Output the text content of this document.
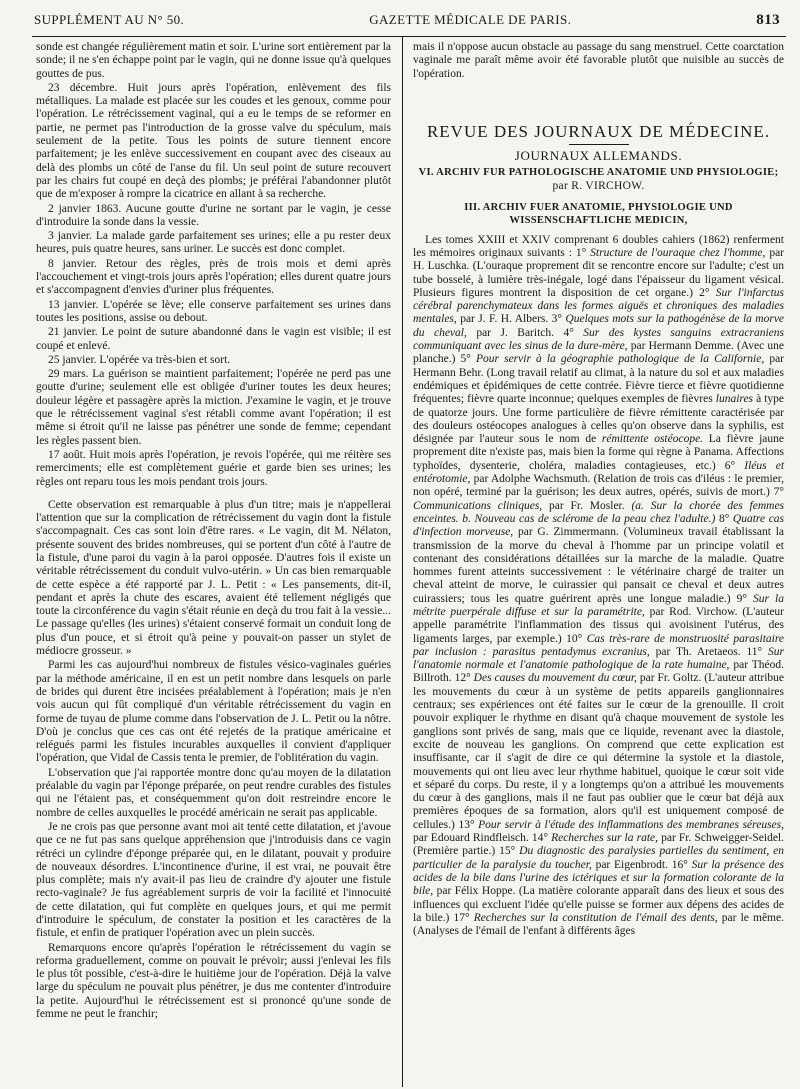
SUPPLÉMENT AU N° 50.	GAZETTE MÉDICALE DE PARIS.	813

sonde est changée régulièrement matin et soir. L'urine sort entièrement par la sonde; il ne s'en échappe point par le vagin, qui ne donne issue qu'à quelques gouttes de pus.

23 décembre. Huit jours après l'opération, enlèvement des fils métalliques. La malade est placée sur les coudes et les genoux, comme pour l'opération. Le rétrécissement vaginal, qui a eu le temps de se reformer en partie, ne permet pas l'introduction de la grosse valve du spéculum, mais seulement de la petite. Tous les points de suture tiennent encore parfaitement; je les enlève successivement en coupant avec des ciseaux au delà des plombs un côté de l'anse du fil. Un seul point de suture recouvert par les chairs fut coupé en deçà des plombs; je préférai l'abandonner plutôt que de m'exposer à rompre la cicatrice en allant à sa recherche.

2 janvier 1863. Aucune goutte d'urine ne sortant par le vagin, je cesse d'introduire la sonde dans la vessie.

3 janvier. La malade garde parfaitement ses urines; elle a pu rester deux heures, puis quatre heures, sans uriner. Le succès est donc complet.

8 janvier. Retour des règles, près de trois mois et demi après l'accouchement et vingt-trois jours après l'opération; elles durent quatre jours et s'accompagnent d'envies d'uriner plus fréquentes.

13 janvier. L'opérée se lève; elle conserve parfaitement ses urines dans toutes les positions, assise ou debout.

21 janvier. Le point de suture abandonné dans le vagin est visible; il est coupé et enlevé.

25 janvier. L'opérée va très-bien et sort.

29 mars. La guérison se maintient parfaitement; l'opérée ne perd pas une goutte d'urine; seulement elle est obligée d'uriner toutes les deux heures; douleur légère et passagère après la miction. J'examine le vagin, et je trouve que le rétrécissement vaginal s'est rétabli comme avant l'opération; il est même si étroit qu'il ne laisse pas pénétrer une sonde de femme; cependant les règles passent bien.

17 août. Huit mois après l'opération, je revois l'opérée, qui me réitère ses remerciments; elle est complètement guérie et garde bien ses urines; les règles ont reparu tous les mois pendant trois jours.

Cette observation est remarquable à plus d'un titre; mais je n'appellerai l'attention que sur la complication de rétrécissement du vagin dont la fistule s'accompagnait. Ces cas sont loin d'être rares. « Le vagin, dit M. Nélaton, présente souvent des brides nombreuses, qui se portent d'un côté à l'autre de la fistule, d'une paroi du vagin à la paroi opposée. D'autres fois il existe un véritable rétrécissement du conduit vulvo-utérin. » Un cas bien remarquable de cette espèce a été rapporté par J. L. Petit : « Les pansements, dit-il, pendant et après la chute des escares, avaient été tellement négligés que toute la circonférence du vagin s'était réunie en deçà du trou fait à la vessie... Le passage qu'elles (les urines) s'étaient conservé formait un conduit long de plus d'un pouce, et si étroit qu'à peine y pouvait-on passer un stylet de médiocre grosseur. »

Parmi les cas aujourd'hui nombreux de fistules vésico-vaginales guéries par la méthode américaine, il en est un petit nombre dans lesquels on parle de brides qui durent être incisées préalablement à l'opération; mais je n'en vois aucun qui fût compliqué d'un véritable rétrécissement du vagin en forme de tuyau de plume comme dans l'observation de J. L. Petit ou la nôtre. D'où je conclus que ces cas ont été rejetés de la pratique américaine et relégués parmi les fistules incurables auxquelles il convient d'appliquer l'opération, que Vidal de Cassis tenta le premier, de l'oblitération du vagin.

L'observation que j'ai rapportée montre donc qu'au moyen de la dilatation préalable du vagin par l'éponge préparée, on peut rendre curables des fistules qui ne l'étaient pas, et conséquemment qu'on doit restreindre encore le nombre de celles auxquelles le procédé américain ne serait pas applicable.

Je ne crois pas que personne avant moi ait tenté cette dilatation, et j'avoue que ce ne fut pas sans quelque appréhension que j'introduisis dans ce vagin rétréci un cylindre d'éponge préparée qui, en le dilatant, pouvait y produire de nouveaux désordres. L'incontinence d'urine, il est vrai, ne pouvait être plus complète; mais n'y avait-il pas lieu de craindre d'y ajouter une fistule recto-vaginale? Je fus agréablement surpris de voir la facilité et l'innocuité de cette dilatation, qui fut complète en quelques jours, et qui me permit d'introduire le spéculum, de constater la position et les caractères de la fistule, et enfin de pratiquer l'opération avec un plein succès.

Remarquons encore qu'après l'opération le rétrécissement du vagin se reforma graduellement, comme on pouvait le prévoir; aussi j'enlevai les fils le plus tôt possible, c'est-à-dire le huitième jour de l'opération. Déjà la valve large du spéculum ne pouvait plus pénétrer, je dus me contenter d'introduire la petite. Aujourd'hui le rétrécissement est si prononcé qu'une sonde de femme ne peut le franchir;

mais il n'oppose aucun obstacle au passage du sang menstruel. Cette coarctation vaginale me paraît même avoir été favorable plutôt que nuisible au succès de l'opération.

REVUE DES JOURNAUX DE MÉDECINE.
JOURNAUX ALLEMANDS.
VI. ARCHIV FUR PATHOLOGISCHE ANATOMIE UND PHYSIOLOGIE;
par R. VIRCHOW.
III. ARCHIV FUER ANATOMIE, PHYSIOLOGIE UND
WISSENSCHAFTLICHE MEDICIN,

Les tomes XXIII et XXIV comprenant 6 doubles cahiers (1862) renferment les mémoires originaux suivants : 1° Structure de l'ouraque chez l'homme, par H. Luschka. (L'ouraque proprement dit se rencontre encore sur l'adulte; c'est un tube bosselé, à lumière très-inégale, logé dans l'épaisseur du ligament vésical. Plusieurs figures montrent la disposition de cet organe.) 2° Sur l'infarctus cérébral parenchymateux dans les formes aiguës et chroniques des maladies mentales, par J. F. H. Albers. 3° Quelques mots sur la pathogénèse de la morve du cheval, par J. Baritch. 4° Sur des kystes sanguins extracraniens communiquant avec les sinus de la dure-mère, par Hermann Demme. (Avec une planche.) 5° Pour servir à la géographie pathologique de la Californie, par Hermann Behr. (Long travail relatif au climat, à la nature du sol et aux maladies endémiques et épidémiques de cette contrée. Fièvre tierce et fièvre quotidienne fréquentes; fièvre quarte inconnue; quelques exemples de fièvres lunaires à type de quatorze jours. Une forme particulière de fièvre rémittente caractérisée par des douleurs ostéocopes analogues à celles qu'on observe dans la syphilis, est désignée par l'auteur sous le nom de rémittente ostéocope. La fièvre jaune proprement dite n'existe pas, mais bien la forme qui règne à Panama. Affections typhoïdes, dysenterie, choléra, maladies contagieuses, etc.) 6° Iléus et entérotomie, par Adolphe Wachsmuth. (Relation de trois cas d'iléus : le premier, non opéré, terminé par la guérison; les deux autres, opérés, suivis de mort.) 7° Communications cliniques, par Fr. Mosler. (a. Sur la chorée des femmes enceintes. b. Nouveau cas de sclérome de la peau chez l'adulte.) 8° Quatre cas d'infection morveuse, par G. Zimmermann. (Volumineux travail établissant la transmission de la morve du cheval à l'homme par un principe volatil et contenant des considérations détaillées sur la marche de la maladie. Quatre hommes furent atteints successivement : le vétérinaire chargé de traiter un cheval atteint de morve, le cuirassier qui pansait ce cheval et deux autres cuirassiers; tous les quatre guérirent après une longue maladie.) 9° Sur la métrite puerpérale diffuse et sur la paramétrite, par Rod. Virchow. (L'auteur appelle paramétrite l'inflammation des tissus qui avoisinent l'utérus, des ligaments larges, par exemple.) 10° Cas très-rare de monstruosité parasitaire par inclusion : parasitus pentadymus excranius, par Th. Aretaeos. 11° Sur l'anatomie normale et l'anatomie pathologique de la rate humaine, par Théod. Billroth. 12° Des causes du mouvement du cœur, par Fr. Goltz. (L'auteur attribue les mouvements du cœur à un système de petits appareils ganglionnaires centraux; ses expériences ont été faites sur le cœur de la grenouille. Il croit pouvoir expliquer le rhythme en disant qu'à chaque mouvement de systole les ganglions sont privés de sang, mais que ce liquide, revenant avec la diastole, excite de nouveau les ganglions. On comprend que cette explication est insuffisante, car il s'agit de dire ce qui détermine la systole et la diastole, mouvements qui ont lieu avec leur rhythme habituel, quoique le cœur soit vide et séparé du corps. Du reste, il y a longtemps qu'on a attribué les mouvements du cœur à des ganglions, mais il ne faut pas oublier que le cœur bat déjà aux premières époques de sa formation, alors qu'il est uniquement composé de cellules.) 13° Pour servir à l'étude des inflammations des membranes séreuses, par Edouard Rindfleisch. 14° Recherches sur la rate, par Fr. Schweigger-Seidel. (Première partie.) 15° Du diagnostic des paralysies partielles du sentiment, en particulier de la paralysie du toucher, par Eigenbrodt. 16° Sur la présence des acides de la bile dans l'urine des ictériques et sur la formation colorante de la bile, par Félix Hoppe. (La matière colorante apparaît dans des lieux et sous des influences qui excluent l'idée qu'elle puisse se former aux dépens des acides de la bile.) 17° Recherches sur la constitution de l'émail des dents, par le même. (Analyses de l'émail de l'enfant à différents âges
